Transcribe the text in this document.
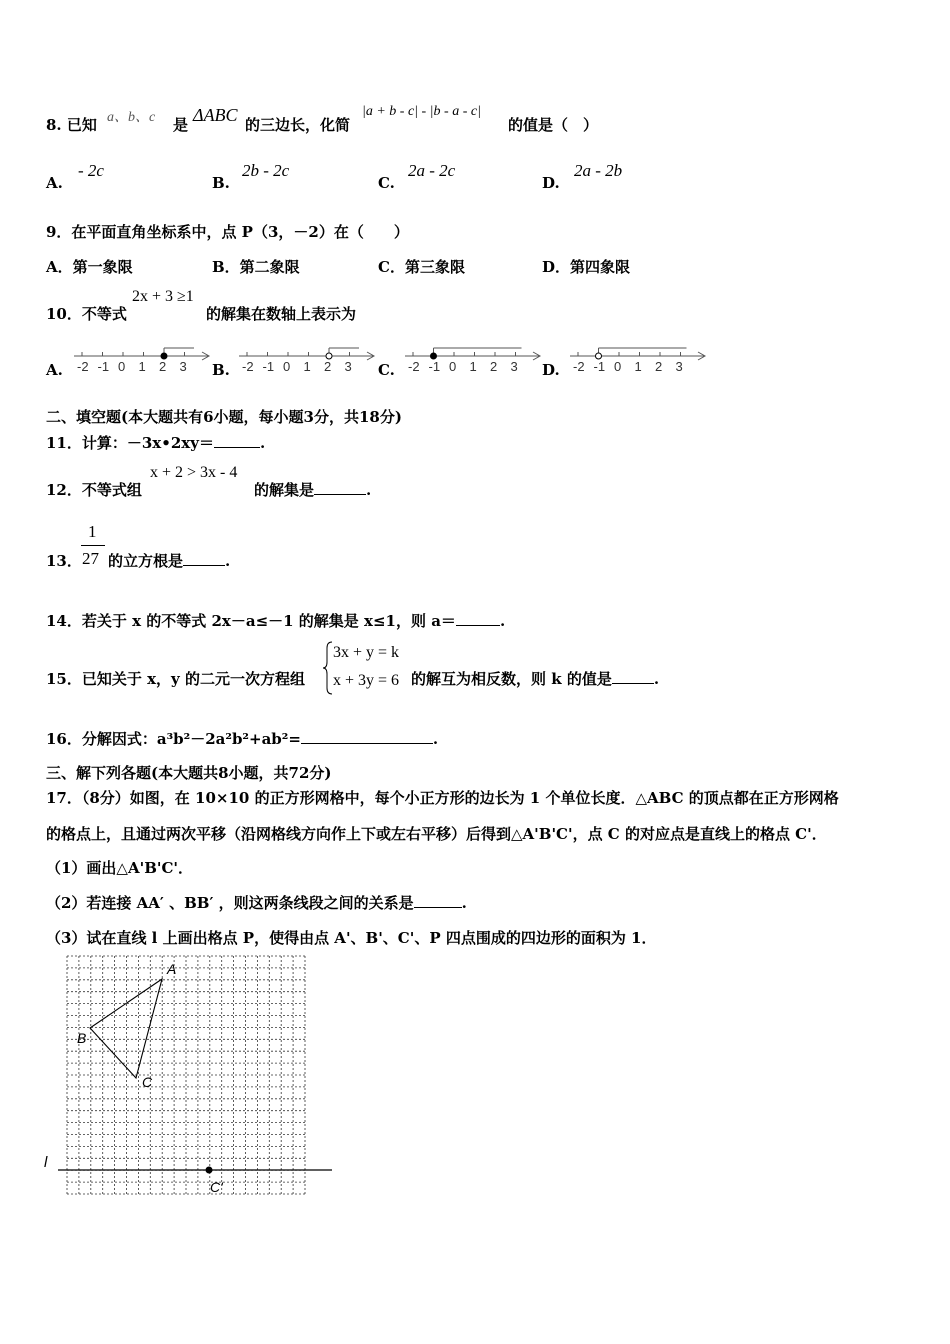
8. 已知 a、b、c 是 ΔABC 的三边长，化简
|a + b - c| - |b - a - c|
的值是（　）
A.
- 2c
B.
2b - 2c
C.
2a - 2c
D.
2a - 2b
9．在平面直角坐标系中，点 P（3，－2）在（　　）
A．第一象限	B．第二象限	C．第三象限	D．第四象限
10．不等式
2x + 3 ≥1
的解集在数轴上表示为
A.	B.	C.	D.
-2 -1 0 1 2 3	-2 -1 0 1 2 3	-2 -1 0 1 2 3	-2 -1 0 1 2 3
二、填空题(本大题共有6小题，每小题3分，共18分)
11．计算：－3x•2xy＝	.
12．不等式组
x + 2 > 3x - 4
的解集是	.
13．
1
27 的立方根是	.
14．若关于 x 的不等式 2x－a≤－1 的解集是 x≤1，则 a＝	.
15．已知关于 x，y 的二元一次方程组
3x + y = k
x + 3y = 6 的解互为相反数，则 k 的值是	.
16．分解因式：a³b²－2a²b²+ab²=	.
三、解下列各题(本大题共8小题，共72分)
17．（8分）如图，在 10×10 的正方形网格中，每个小正方形的边长为 1 个单位长度．△ABC 的顶点都在正方形网格
的格点上，且通过两次平移（沿网格线方向作上下或左右平移）后得到△A'B'C'，点 C 的对应点是直线上的格点 C'．
（1）画出△A'B'C'．
（2）若连接 AA′ 、BB′ ，则这两条线段之间的关系是	.
（3）试在直线 l 上画出格点 P，使得由点 A'、B'、C'、P 四点围成的四边形的面积为 1．
A
B
C
C'
l
